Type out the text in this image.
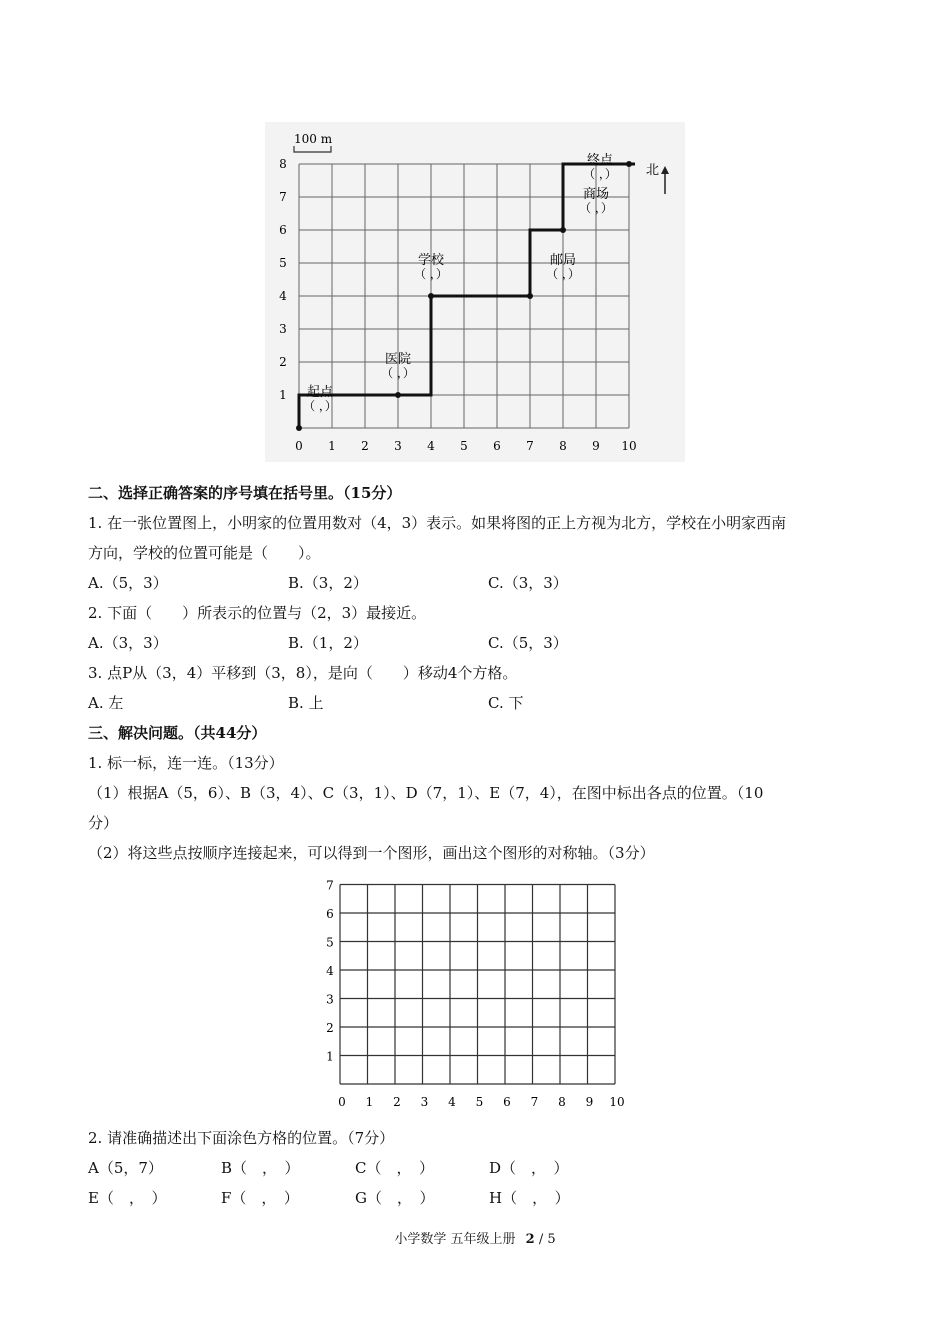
100 m
起点
（ ，）
医院
（ ，）
学校
（ ，）
邮局
（ ，）
商场
（ ，）
终点
（ ，） 北
0 1 2 3 4 5 6 7 8 9 10
1
2
3
4
5
6
7
8
二、选择正确答案的序号填在括号里。（15分）
1. 在一张位置图上，小明家的位置用数对（4，3）表示。如果将图的正上方视为北方，学校在小明家西南
方向，学校的位置可能是（　　）。
A.（5，3）	B.（3，2）	C.（3，3）
2. 下面（　　）所表示的位置与（2，3）最接近。
A.（3，3）	B.（1，2）	C.（5，3）
3. 点P从（3，4）平移到（3，8），是向（　　）移动4个方格。
A. 左	B. 上	C. 下
三、解决问题。（共44分）
1. 标一标，连一连。（13分）
（1）根据A（5，6）、B（3，4）、C（3，1）、D（7，1）、E（7，4），在图中标出各点的位置。（10
分）
（2）将这些点按顺序连接起来，可以得到一个图形，画出这个图形的对称轴。（3分）
0 1 2 3 4 5 6 7 8 9 10
1
2
3
4
5
6
7
2. 请准确描述出下面涂色方格的位置。（7分）
A（5，7）	B（　，　）	C（　，　）	D（　，　）
E（　，　）	F（　，　）	G（　，　）	H（　，　）
小学数学 五年级上册 2 / 5
